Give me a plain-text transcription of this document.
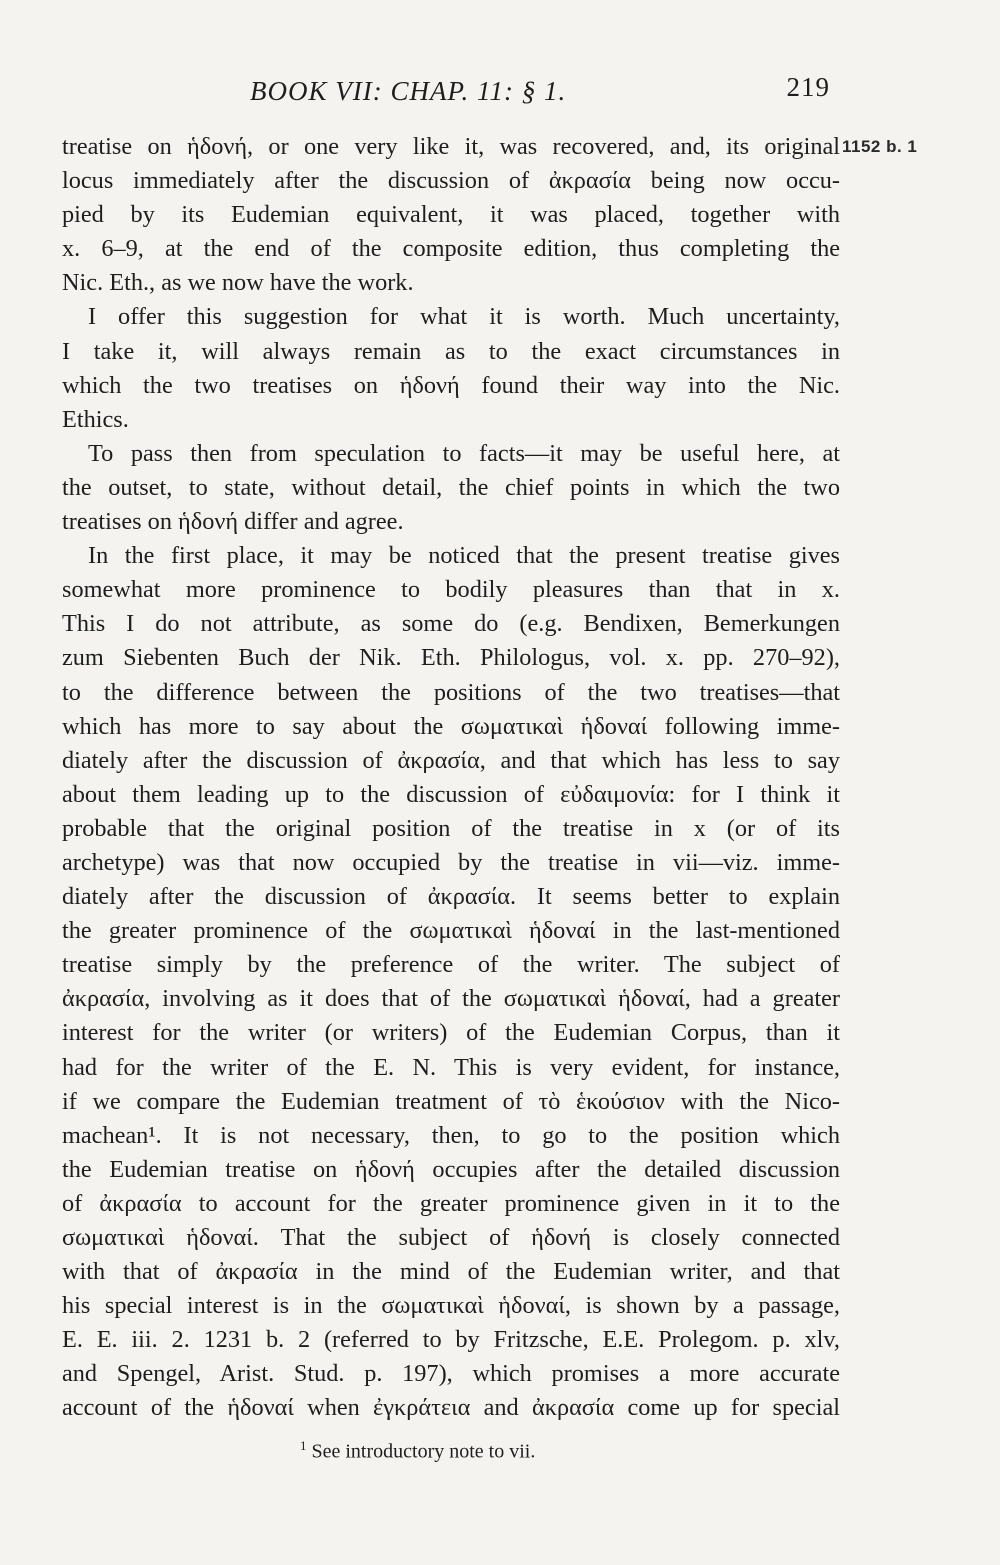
BOOK VII: CHAP. 11: § 1.	219
1152 b. 1
treatise on ἡδονή, or one very like it, was recovered, and, its original
locus immediately after the discussion of ἀκρασία being now occu-
pied by its Eudemian equivalent, it was placed, together with
x. 6–9, at the end of the composite edition, thus completing the
Nic. Eth., as we now have the work.
I offer this suggestion for what it is worth. Much uncertainty,
I take it, will always remain as to the exact circumstances in
which the two treatises on ἡδονή found their way into the Nic.
Ethics.
To pass then from speculation to facts—it may be useful here, at
the outset, to state, without detail, the chief points in which the two
treatises on ἡδονή differ and agree.
In the first place, it may be noticed that the present treatise gives
somewhat more prominence to bodily pleasures than that in x.
This I do not attribute, as some do (e.g. Bendixen, Bemerkungen
zum Siebenten Buch der Nik. Eth. Philologus, vol. x. pp. 270–92),
to the difference between the positions of the two treatises—that
which has more to say about the σωματικαὶ ἡδοναί following imme-
diately after the discussion of ἀκρασία, and that which has less to say
about them leading up to the discussion of εὐδαιμονία: for I think it
probable that the original position of the treatise in x (or of its
archetype) was that now occupied by the treatise in vii—viz. imme-
diately after the discussion of ἀκρασία. It seems better to explain
the greater prominence of the σωματικαὶ ἡδοναί in the last-mentioned
treatise simply by the preference of the writer. The subject of
ἀκρασία, involving as it does that of the σωματικαὶ ἡδοναί, had a greater
interest for the writer (or writers) of the Eudemian Corpus, than it
had for the writer of the E. N. This is very evident, for instance,
if we compare the Eudemian treatment of τὸ ἑκούσιον with the Nico-
machean¹. It is not necessary, then, to go to the position which
the Eudemian treatise on ἡδονή occupies after the detailed discussion
of ἀκρασία to account for the greater prominence given in it to the
σωματικαὶ ἡδοναί. That the subject of ἡδονή is closely connected
with that of ἀκρασία in the mind of the Eudemian writer, and that
his special interest is in the σωματικαὶ ἡδοναί, is shown by a passage,
E. E. iii. 2. 1231 b. 2 (referred to by Fritzsche, E.E. Prolegom. p. xlv,
and Spengel, Arist. Stud. p. 197), which promises a more accurate
account of the ἡδοναί when ἐγκράτεια and ἀκρασία come up for special
$^1$ See introductory note to vii.
